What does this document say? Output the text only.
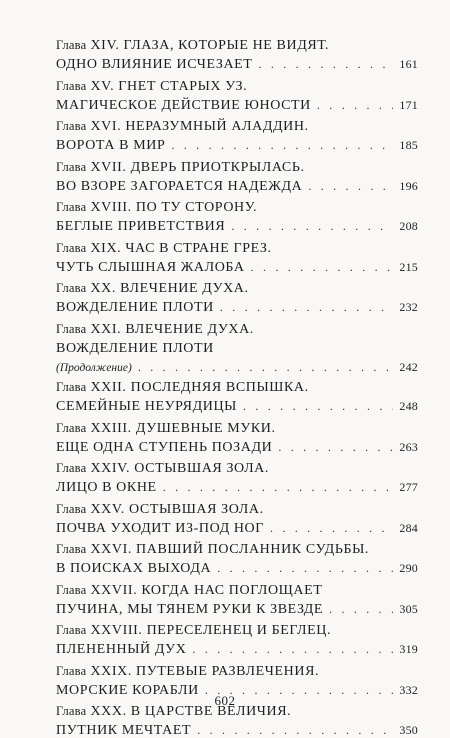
Глава XIV. ГЛАЗА, КОТОРЫЕ НЕ ВИДЯТ.
ОДНО ВЛИЯНИЕ ИСЧЕЗАЕТ . . .	161
Глава XV. ГНЕТ СТАРЫХ УЗ.
МАГИЧЕСКОЕ ДЕЙСТВИЕ ЮНОСТИ . . .	171
Глава XVI. НЕРАЗУМНЫЙ АЛАДДИН.
ВОРОТА В МИР . . .	185
Глава XVII. ДВЕРЬ ПРИОТКРЫЛАСЬ.
ВО ВЗОРЕ ЗАГОРАЕТСЯ НАДЕЖДА . . .	196
Глава XVIII. ПО ТУ СТОРОНУ.
БЕГЛЫЕ ПРИВЕТСТВИЯ . . .	208
Глава XIX. ЧАС В СТРАНЕ ГРЕЗ.
ЧУТЬ СЛЫШНАЯ ЖАЛОБА . . .	215
Глава XX. ВЛЕЧЕНИЕ ДУХА.
ВОЖДЕЛЕНИЕ ПЛОТИ . . .	232
Глава XXI. ВЛЕЧЕНИЕ ДУХА.
ВОЖДЕЛЕНИЕ ПЛОТИ
(Продолжение) . . .	242
Глава XXII. ПОСЛЕДНЯЯ ВСПЫШКА.
СЕМЕЙНЫЕ НЕУРЯДИЦЫ . . .	248
Глава XXIII. ДУШЕВНЫЕ МУКИ.
ЕЩЕ ОДНА СТУПЕНЬ ПОЗАДИ . . .	263
Глава XXIV. ОСТЫВШАЯ ЗОЛА.
ЛИЦО В ОКНЕ . . .	277
Глава XXV. ОСТЫВШАЯ ЗОЛА.
ПОЧВА УХОДИТ ИЗ-ПОД НОГ . . .	284
Глава XXVI. ПАВШИЙ ПОСЛАННИК СУДЬБЫ.
В ПОИСКАХ ВЫХОДА . . .	290
Глава XXVII. КОГДА НАС ПОГЛОЩАЕТ
ПУЧИНА, МЫ ТЯНЕМ РУКИ К ЗВЕЗДЕ . . .	305
Глава XXVIII. ПЕРЕСЕЛЕНЕЦ И БЕГЛЕЦ.
ПЛЕНЕННЫЙ ДУХ . . .	319
Глава XXIX. ПУТЕВЫЕ РАЗВЛЕЧЕНИЯ.
МОРСКИЕ КОРАБЛИ . . .	332
Глава XXX. В ЦАРСТВЕ ВЕЛИЧИЯ.
ПУТНИК МЕЧТАЕТ . . .	350
602
